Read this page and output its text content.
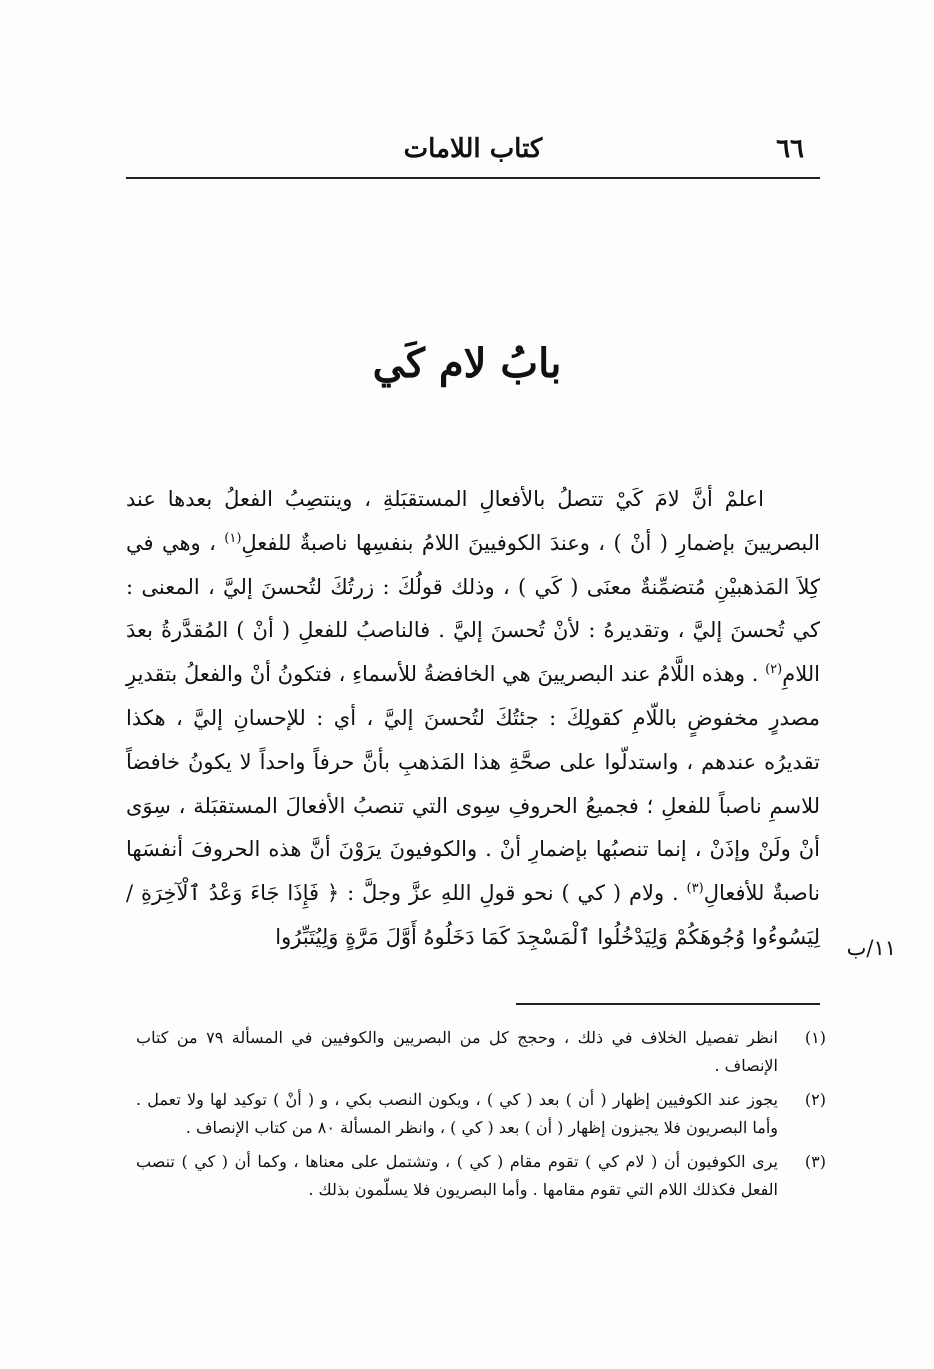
٦٦
كتاب اللامات
بابُ لام كَي

اعلمْ أنَّ لامَ كَيْ تتصلُ بالأفعالِ المستقبَلةِ ، وينتصِبُ الفعلُ بعدها عند البصريينَ بإضمارِ ( أنْ ) ، وعندَ الكوفيينَ اللامُ بنفسِها ناصبةٌ للفعلِ$^{(١)}$ ، وهي في كِلاَ المَذهبيْنِ مُتضمِّنةٌ معنَى ( كَي ) ، وذلك قولُكَ : زرتُكَ لتُحسنَ إليَّ ، المعنى : كي تُحسنَ إليَّ ، وتقديرهُ : لأنْ تُحسنَ إليَّ . فالناصبُ للفعلِ ( أنْ ) المُقدَّرةُ بعدَ اللامِ$^{(٢)}$ . وهذه اللَّامُ عند البصريينَ هي الخافضةُ للأسماءِ ، فتكونُ أنْ والفعلُ بتقديرِ مصدرٍ مخفوضٍ باللّامِ كقولِكَ : جئتُكَ لتُحسنَ إليَّ ، أي : للإحسانِ إليَّ ، هكذا تقديرُه عندهم ، واستدلّوا على صحَّةِ هذا المَذهبِ بأنَّ حرفاً واحداً لا يكونُ خافضاً للاسمِ ناصباً للفعلِ ؛ فجميعُ الحروفِ سِوى التي تنصبُ الأفعالَ المستقبَلة ، سِوَى أنْ ولَنْ وإذَنْ ، إنما تنصبُها بإضمارِ أنْ . والكوفيونَ يرَوْنَ أنَّ هذه الحروفَ أنفسَها ناصبةٌ للأفعالِ$^{(٣)}$ . ولام ( كي ) نحو قولِ اللهِ عزَّ وجلَّ : ﴿ فَإِذَا جَاءَ وَعْدُ ٱلْآخِرَةِ / لِيَسُوءُوا وُجُوهَكُمْ وَلِيَدْخُلُوا ٱلْمَسْجِدَ كَمَا دَخَلُوهُ أَوَّلَ مَرَّةٍ وَلِيُتَبِّرُوا	١١/ب
(١)
انظر تفصيل الخلاف في ذلك ، وحجج كل من البصريين والكوفيين في المسألة ٧٩ من كتاب الإنصاف .
(٢)
يجوز عند الكوفيين إظهار ( أن ) بعد ( كي ) ، ويكون النصب بكي ، و ( أنْ ) توكيد لها ولا تعمل . وأما البصريون فلا يجيزون إظهار ( أن ) بعد ( كي ) ، وانظر المسألة ٨٠ من كتاب الإنصاف .
(٣)
يرى الكوفيون أن ( لام كي ) تقوم مقام ( كي ) ، وتشتمل على معناها ، وكما أن ( كي ) تنصب الفعل فكذلك اللام التي تقوم مقامها . وأما البصريون فلا يسلّمون بذلك .
